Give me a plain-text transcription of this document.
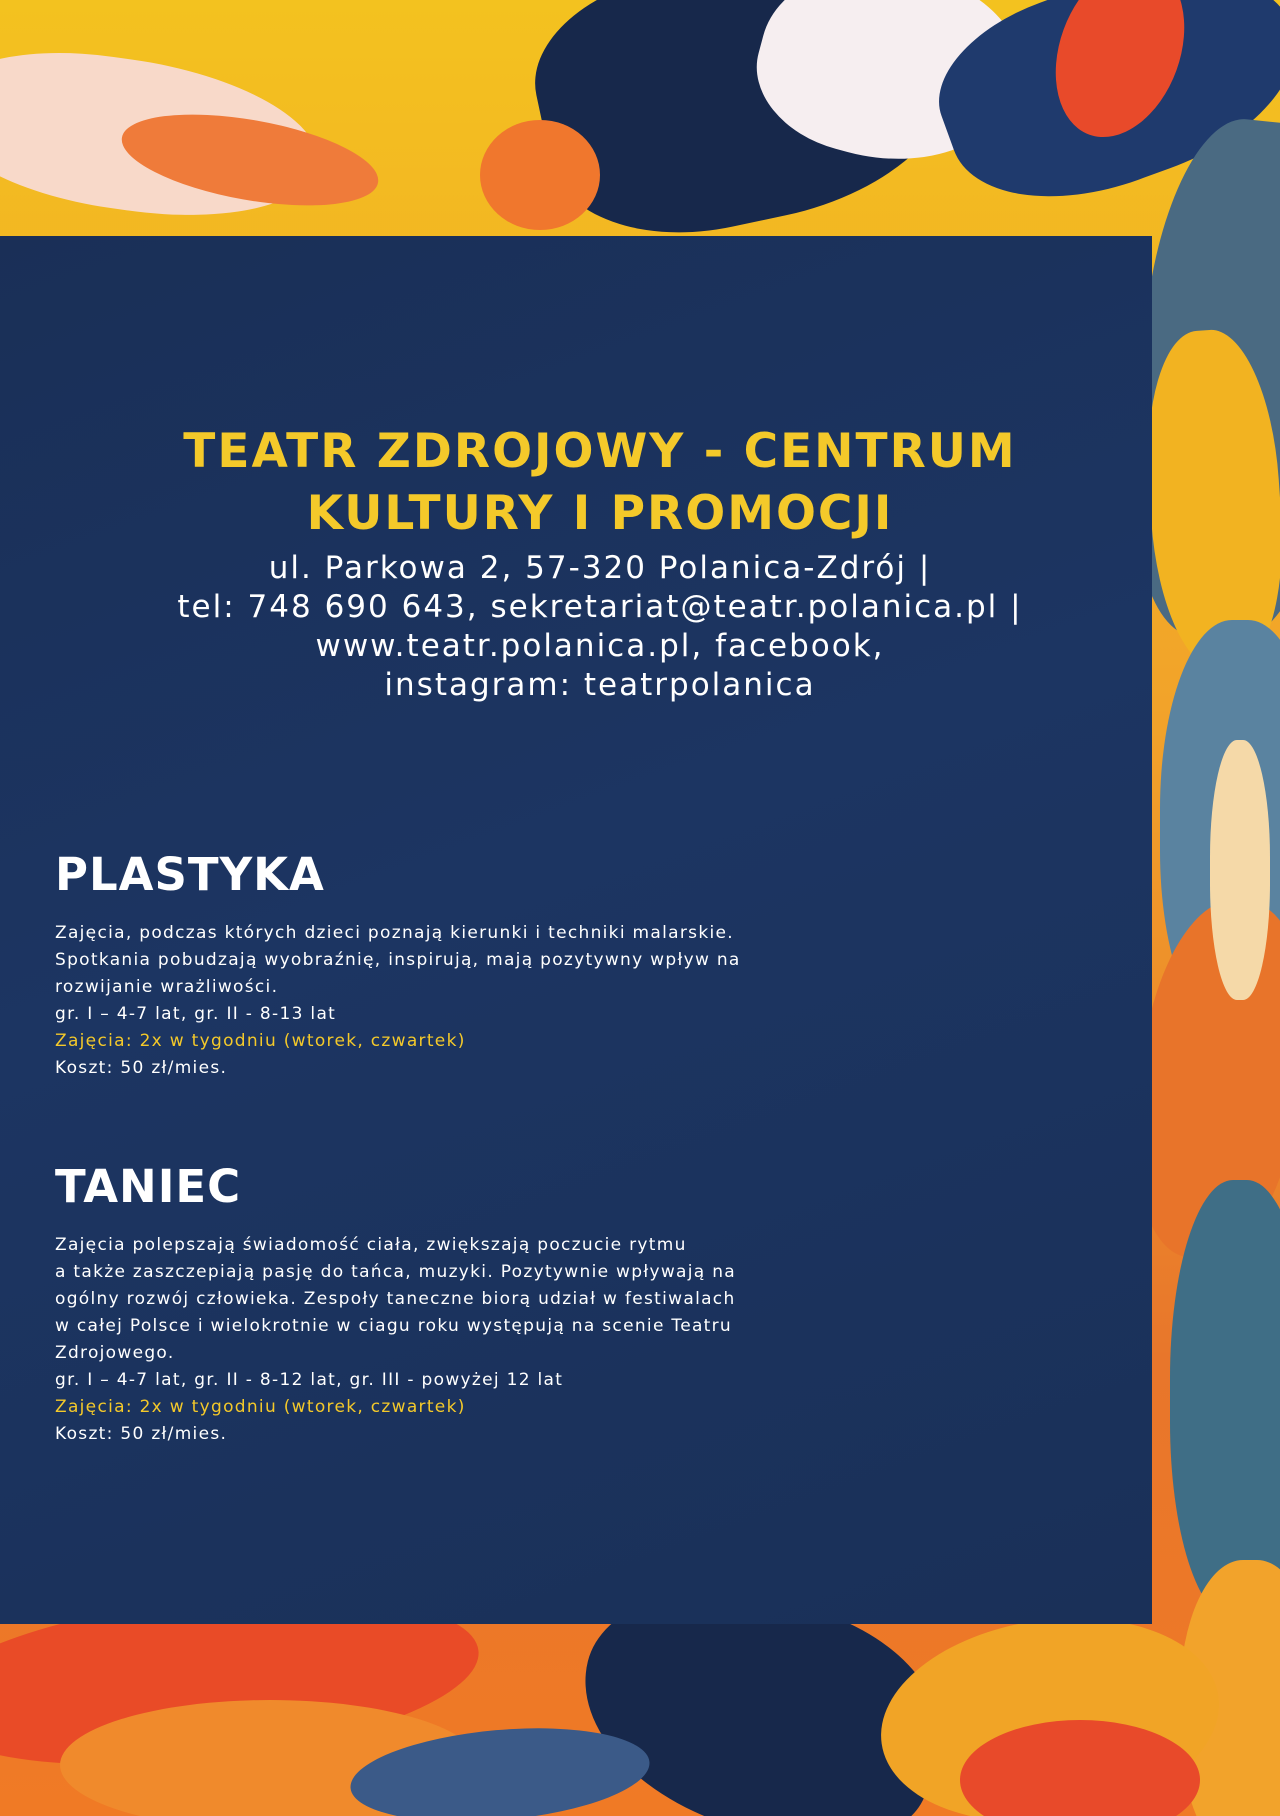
TEATR ZDROJOWY - CENTRUM
KULTURY I PROMOCJI
ul. Parkowa 2, 57-320 Polanica-Zdrój |
tel: 748 690 643, sekretariat@teatr.polanica.pl |
www.teatr.polanica.pl, facebook,
instagram: teatrpolanica
PLASTYKA
Zajęcia, podczas których dzieci poznają kierunki i techniki malarskie.
Spotkania pobudzają wyobraźnię, inspirują, mają pozytywny wpływ na
rozwijanie wrażliwości.
gr. I – 4-7 lat, gr. II - 8-13 lat
Zajęcia: 2x w tygodniu (wtorek, czwartek)
Koszt: 50 zł/mies.
TANIEC
Zajęcia polepszają świadomość ciała, zwiększają poczucie rytmu
a także zaszczepiają pasję do tańca, muzyki. Pozytywnie wpływają na
ogólny rozwój człowieka. Zespoły taneczne biorą udział w festiwalach
w całej Polsce i wielokrotnie w ciagu roku występują na scenie Teatru
Zdrojowego.
gr. I – 4-7 lat, gr. II - 8-12 lat, gr. III - powyżej 12 lat
Zajęcia: 2x w tygodniu (wtorek, czwartek)
Koszt: 50 zł/mies.
